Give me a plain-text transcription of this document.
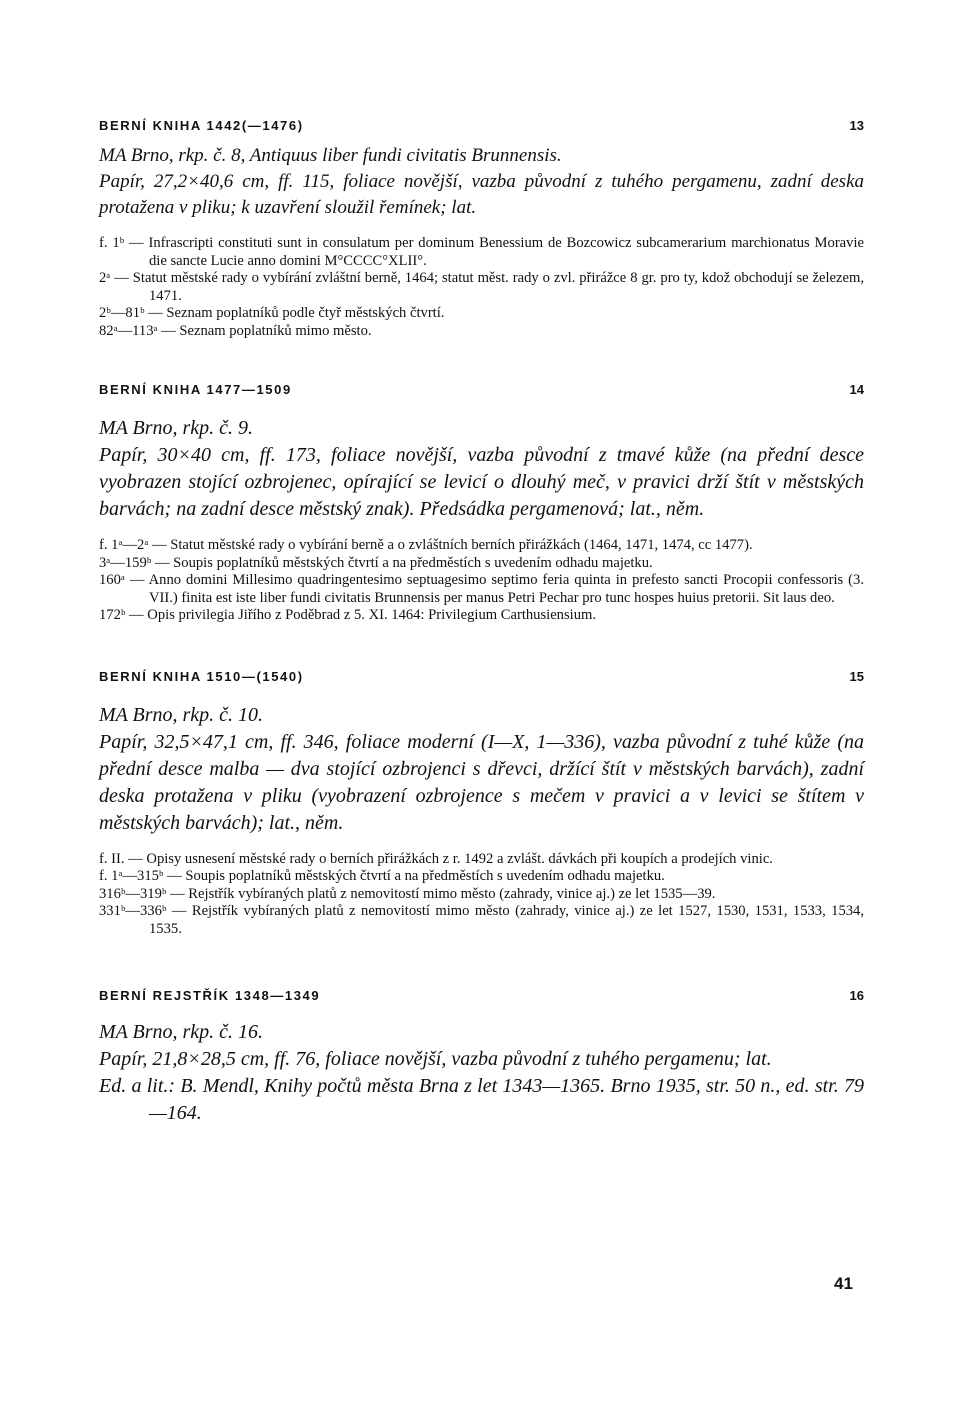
BERNÍ KNIHA 1442(—1476)	13

MA Brno, rkp. č. 8, Antiquus liber fundi civitatis Brunnensis.

Papír, 27,2×40,6 cm, ff. 115, foliace novější, vazba původní z tuhého pergamenu, zadní deska protažena v pliku; k uzavření sloužil řemínek; lat.

f. 1ᵇ — Infrascripti constituti sunt in consulatum per dominum Benessium de Bozcowicz subcamerarium marchionatus Moravie die sancte Lucie anno domini M°CCCC°XLII°.

2ᵃ — Statut městské rady o vybírání zvláštní berně, 1464; statut měst. rady o zvl. přirážce 8 gr. pro ty, kdož obchodují se železem, 1471.

2ᵇ—81ᵇ — Seznam poplatníků podle čtyř městských čtvrtí.

82ᵃ—113ᵃ — Seznam poplatníků mimo město.

BERNÍ KNIHA 1477—1509	14

MA Brno, rkp. č. 9.

Papír, 30×40 cm, ff. 173, foliace novější, vazba původní z tmavé kůže (na přední desce vyobrazen stojící ozbrojenec, opírající se levicí o dlouhý meč, v pravici drží štít v městských barvách; na zadní desce městský znak). Předsádka pergamenová; lat., něm.

f. 1ᵃ—2ᵃ — Statut městské rady o vybírání berně a o zvláštních berních přirážkách (1464, 1471, 1474, cc 1477).

3ᵃ—159ᵇ — Soupis poplatníků městských čtvrtí a na předměstích s uvedením odhadu majetku.

160ᵃ — Anno domini Millesimo quadringentesimo septuagesimo septimo feria quinta in prefesto sancti Procopii confessoris (3. VII.) finita est iste liber fundi civitatis Brunnensis per manus Petri Pechar pro tunc hospes huius pretorii. Sit laus deo.

172ᵇ — Opis privilegia Jiřího z Poděbrad z 5. XI. 1464: Privilegium Carthusiensium.

BERNÍ KNIHA 1510—(1540)	15

MA Brno, rkp. č. 10.

Papír, 32,5×47,1 cm, ff. 346, foliace moderní (I—X, 1—336), vazba původní z tuhé kůže (na přední desce malba — dva stojící ozbrojenci s dřevci, držící štít v městských barvách), zadní deska protažena v pliku (vyobrazení ozbrojence s mečem v pravici a v levici se štítem v městských barvách); lat., něm.

f. II. — Opisy usnesení městské rady o berních přirážkách z r. 1492 a zvlášt. dávkách při koupích a prodejích vinic.

f. 1ᵃ—315ᵇ — Soupis poplatníků městských čtvrtí a na předměstích s uvedením odhadu majetku.

316ᵇ—319ᵇ — Rejstřík vybíraných platů z nemovitostí mimo město (zahrady, vinice aj.) ze let 1535—39.

331ᵇ—336ᵇ — Rejstřík vybíraných platů z nemovitostí mimo město (zahrady, vinice aj.) ze let 1527, 1530, 1531, 1533, 1534, 1535.

BERNÍ REJSTŘÍK 1348—1349	16

MA Brno, rkp. č. 16.

Papír, 21,8×28,5 cm, ff. 76, foliace novější, vazba původní z tuhého pergamenu; lat.

Ed. a lit.: B. Mendl, Knihy počtů města Brna z let 1343—1365. Brno 1935, str. 50 n., ed. str. 79—164.

41
